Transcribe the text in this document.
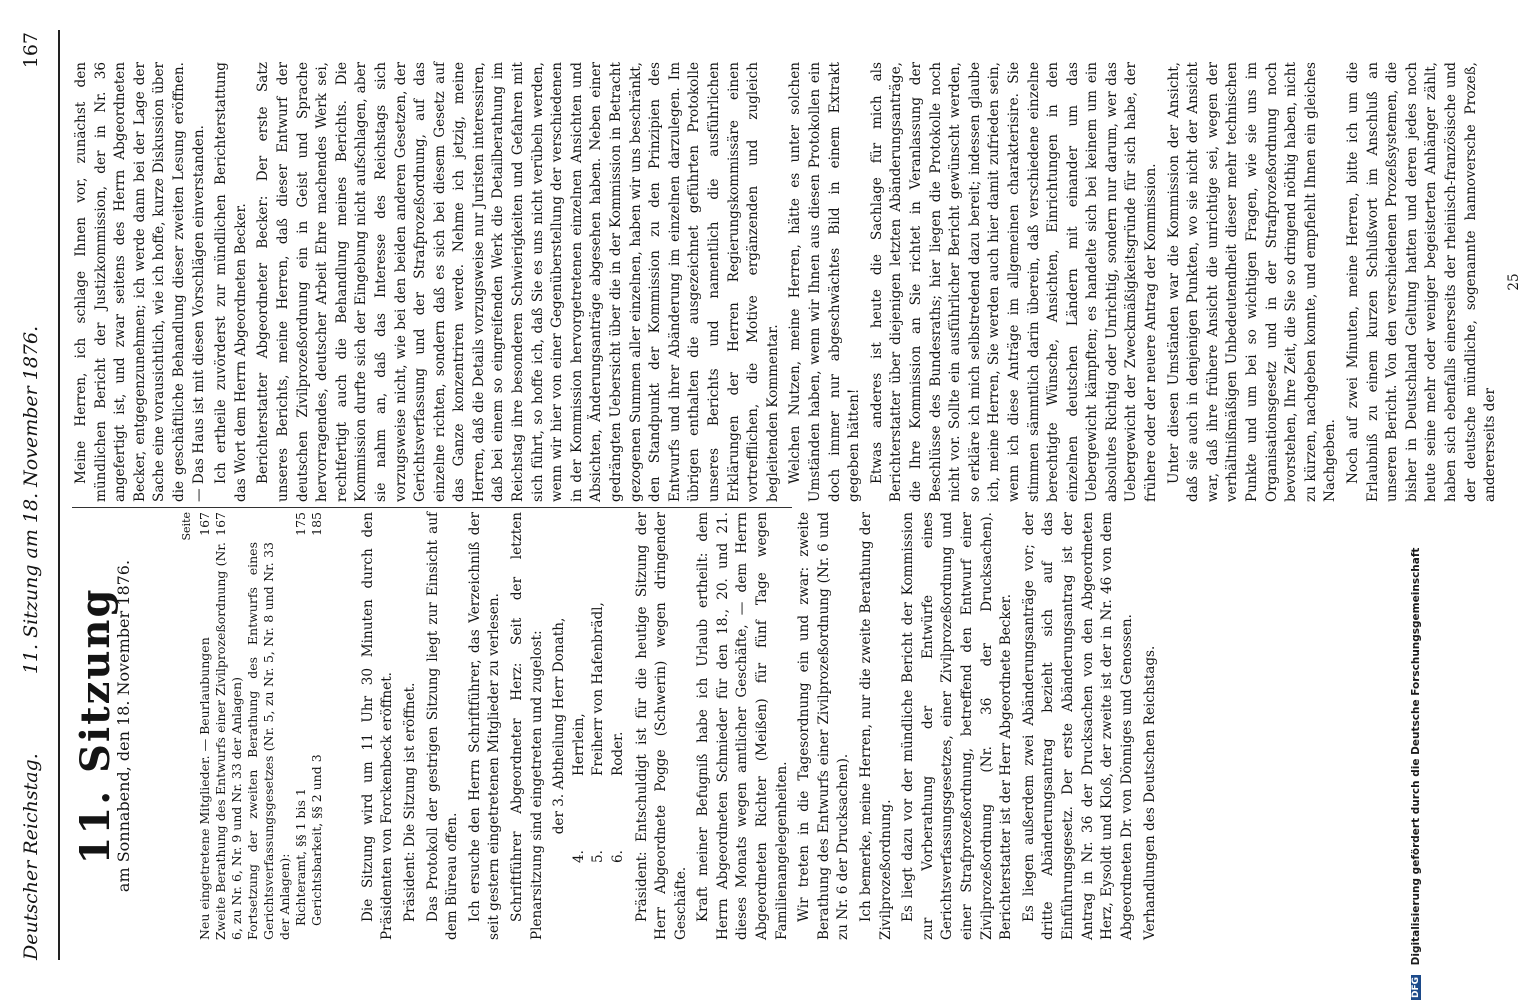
Deutscher Reichstag.
11. Sitzung am 18. November 1876.
167
11. Sitzung
am Sonnabend, den 18. November 1876.
Seite
Neu eingetretene Mitglieder. — Beurlaubungen
167
Zweite Berathung des Entwurfs einer Zivilprozeßordnung (Nr. 6, zu Nr. 6, Nr. 9 und Nr. 33 der Anlagen)
167
Fortsetzung der zweiten Berathung des Entwurfs eines Gerichtsverfassungsgesetzes (Nr. 5, zu Nr. 5, Nr. 8 und Nr. 33 der Anlagen): Richteramt, §§ 1 bis 1
175
Gerichtsbarkeit, §§ 2 und 3
185	Die Sitzung wird um 11 Uhr 30 Minuten durch den Präsidenten von Forckenbeck eröffnet. Präsident: Die Sitzung ist eröffnet. Das Protokoll der gestrigen Sitzung liegt zur Einsicht auf dem Büreau offen. Ich ersuche den Herrn Schriftführer, das Verzeichniß der seit gestern eingetretenen Mitglieder zu verlesen. Schriftführer Abgeordneter Herz: Seit der letzten Plenarsitzung sind eingetreten und zugelost: der 3. Abtheilung Herr Donath,
4.
Herrlein,
5.
Freiherr von Hafenbrädl,
6.
Roder. Präsident: Entschuldigt ist für die heutige Sitzung der Herr Abgeordnete Pogge (Schwerin) wegen dringender Geschäfte. Kraft meiner Befugniß habe ich Urlaub ertheilt: dem Herrn Abgeordneten Schmieder für den 18., 20. und 21. dieses Monats wegen amtlicher Geschäfte, — dem Herrn Abgeordneten Richter (Meißen) für fünf Tage wegen Familienangelegenheiten. Wir treten in die Tagesordnung ein und zwar: zweite Berathung des Entwurfs einer Zivilprozeßordnung (Nr. 6 und zu Nr. 6 der Drucksachen). Ich bemerke, meine Herren, nur die zweite Berathung der Zivilprozeßordnung. Es liegt dazu vor der mündliche Bericht der Kommission zur Vorberathung der Entwürfe eines Gerichtsverfassungsgesetzes, einer Zivilprozeßordnung und einer Strafprozeßordnung, betreffend den Entwurf einer Zivilprozeßordnung (Nr. 36 der Drucksachen). Berichterstatter ist der Herr Abgeordnete Becker. Es liegen außerdem zwei Abänderungsanträge vor; der dritte Abänderungsantrag bezieht sich auf das Einführungsgesetz. Der erste Abänderungsantrag ist der Antrag in Nr. 36 der Drucksachen von den Abgeordneten Herz, Eysoldt und Kloß, der zweite ist der in Nr. 46 von dem Abgeordneten Dr. von Dönniges und Genossen. Verhandlungen des Deutschen Reichstags.

Meine Herren, ich schlage Ihnen vor, zunächst den mündlichen Bericht der Justizkommission, der in Nr. 36 angefertigt ist, und zwar seitens des Herrn Abgeordneten Becker, entgegenzunehmen; ich werde dann bei der Lage der Sache eine vorausichtlich, wie ich hoffe, kurze Diskussion über die geschäftliche Behandlung dieser zweiten Lesung eröffnen. — Das Haus ist mit diesen Vorschlägen einverstanden. Ich ertheile zuvörderst zur mündlichen Berichterstattung das Wort dem Herrn Abgeordneten Becker. Berichterstatter Abgeordneter Becker: Der erste Satz unseres Berichts, meine Herren, daß dieser Entwurf der deutschen Zivilprozeßordnung ein in Geist und Sprache hervorragendes, deutscher Arbeit Ehre machendes Werk sei, rechtfertigt auch die Behandlung meines Berichts. Die Kommission durfte sich der Eingebung nicht aufschlagen, aber sie nahm an, daß das Interesse des Reichstags sich vorzugsweise nicht, wie bei den beiden anderen Gesetzen, der Gerichtsverfassung und der Strafprozeßordnung, auf das einzelne richten, sondern daß es sich bei diesem Gesetz auf das Ganze konzentriren werde. Nehme ich jetzig, meine Herren, daß die Details vorzugsweise nur Juristen interessiren, daß bei einem so eingreifenden Werk die Detailberathung im Reichstag ihre besonderen Schwierigkeiten und Gefahren mit sich führt, so hoffe ich, daß Sie es uns nicht verübeln werden, wenn wir hier von einer Gegenüberstellung der verschiedenen in der Kommission hervorgetretenen einzelnen Ansichten und Absichten, Änderungsanträge abgesehen haben. Neben einer gedrängten Uebersicht über die in der Kommission in Betracht gezogenen Summen aller einzelnen, haben wir uns beschränkt, den Standpunkt der Kommission zu den Prinzipien des Entwurfs und ihrer Abänderung im einzelnen darzulegen. Im übrigen enthalten die ausgezeichnet geführten Protokolle unseres Berichts und namentlich die ausführlichen Erklärungen der Herren Regierungskommissäre einen vortrefflichen, die Motive ergänzenden und zugleich begleitenden Kommentar. Welchen Nutzen, meine Herren, hätte es unter solchen Umständen haben, wenn wir Ihnen aus diesen Protokollen ein doch immer nur abgeschwächtes Bild in einem Extrakt gegeben hätten! Etwas anderes ist heute die Sachlage für mich als Berichterstatter über diejenigen letzten Abänderungsanträge, die Ihre Kommission an Sie richtet in Veranlassung der Beschlüsse des Bundesraths; hier liegen die Protokolle noch nicht vor. Sollte ein ausführlicher Bericht gewünscht werden, so erkläre ich mich selbstredend dazu bereit; indessen glaube ich, meine Herren, Sie werden auch hier damit zufrieden sein, wenn ich diese Anträge im allgemeinen charakterisire. Sie stimmen sämmtlich darin überein, daß verschiedene einzelne berechtigte Wünsche, Ansichten, Einrichtungen in den einzelnen deutschen Ländern mit einander um das Uebergewicht kämpften; es handelte sich bei keinem um ein absolutes Richtig oder Unrichtig, sondern nur darum, wer das Uebergewicht der Zweckmäßigkeitsgründe für sich habe, der frühere oder der neuere Antrag der Kommission. Unter diesen Umständen war die Kommission der Ansicht, daß sie auch in denjenigen Punkten, wo sie nicht der Ansicht war, daß ihre frühere Ansicht die unrichtige sei, wegen der verhältnißmäßigen Unbedeutendheit dieser mehr technischen Punkte und um bei so wichtigen Fragen, wie sie uns im Organisationsgesetz und in der Strafprozeßordnung noch bevorstehen, Ihre Zeit, die Sie so dringend nöthig haben, nicht zu kürzen, nachgeben konnte, und empfiehlt Ihnen ein gleiches Nachgeben. Noch auf zwei Minuten, meine Herren, bitte ich um die Erlaubniß zu einem kurzen Schlußwort im Anschluß an unseren Bericht. Von den verschiedenen Prozeßsystemen, die bisher in Deutschland Geltung hatten und deren jedes noch heute seine mehr oder weniger begeisterten Anhänger zählt, haben sich ebenfalls einerseits der rheinisch-französische und der deutsche mündliche, sogenannte hannoversche Prozeß, andererseits der

25
DFG Digitalisierung gefördert durch die Deutsche Forschungsgemeinschaft
